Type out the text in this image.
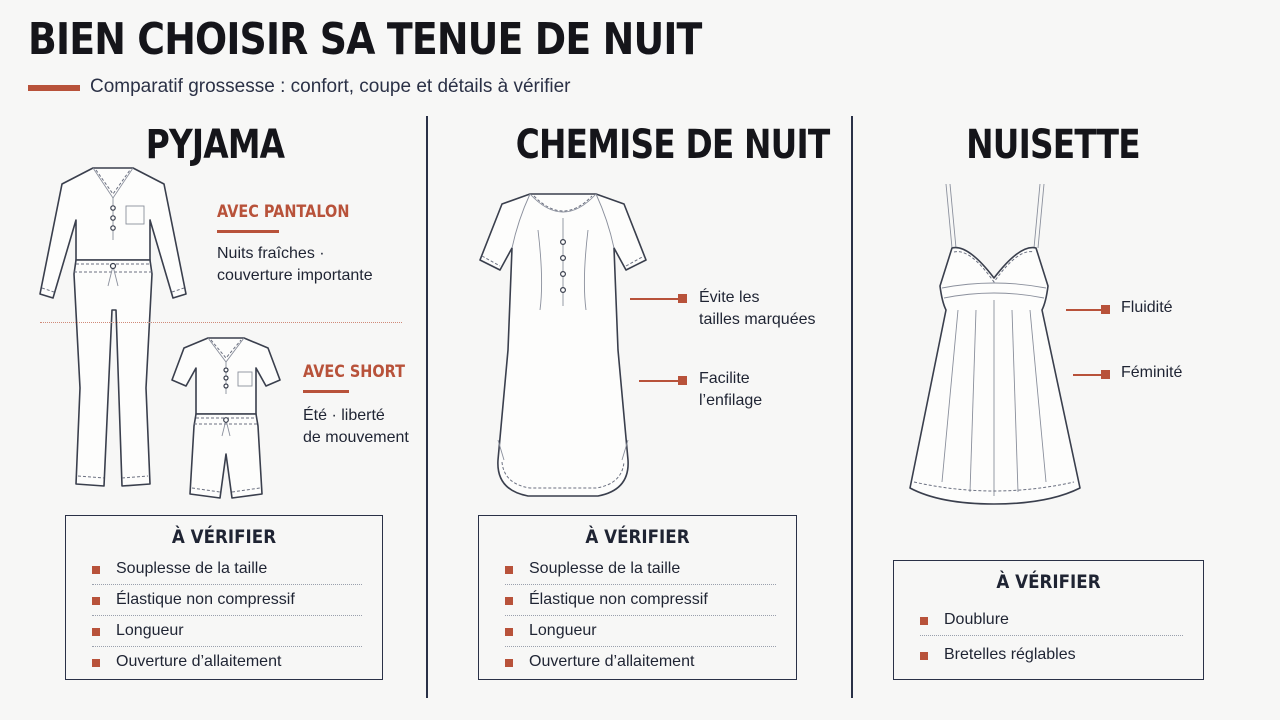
BIEN CHOISIR SA TENUE DE NUIT
Comparatif grossesse : confort, coupe et détails à vérifier
PYJAMA
AVEC PANTALON
Nuits fraîches ·
couverture importante
AVEC SHORT
Été · liberté
de mouvement
À VÉRIFIER
Souplesse de la taille
Élastique non compressif
Longueur
Ouverture d’allaitement
CHEMISE DE NUIT
Évite les
tailles marquées
Facilite
l’enfilage
À VÉRIFIER
Souplesse de la taille
Élastique non compressif
Longueur
Ouverture d’allaitement
NUISETTE
Fluidité
Féminité
À VÉRIFIER
Doublure
Bretelles réglables
